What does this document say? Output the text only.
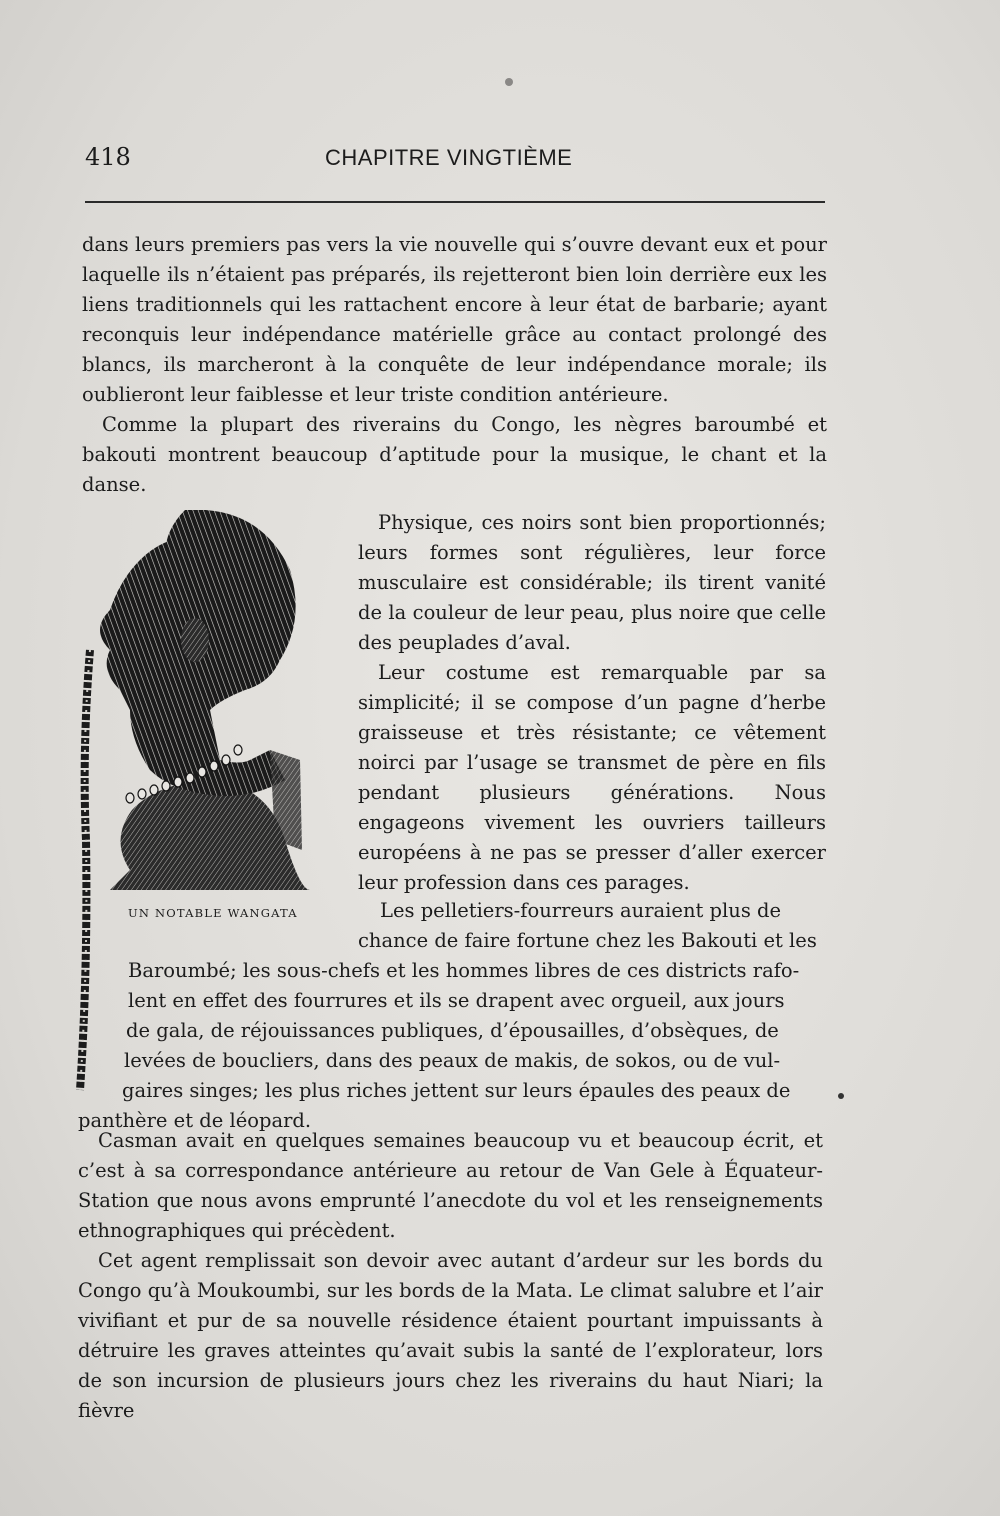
418	CHAPITRE VINGTIÈME

dans leurs premiers pas vers la vie nouvelle qui s’ouvre devant eux et pour laquelle ils n’étaient pas préparés, ils rejetteront bien loin derrière eux les liens traditionnels qui les rattachent encore à leur état de barbarie; ayant reconquis leur indépendance matérielle grâce au contact prolongé des blancs, ils marcheront à la conquête de leur indépendance morale; ils oublieront leur faiblesse et leur triste condition antérieure.

Comme la plupart des riverains du Congo, les nègres baroumbé et bakouti montrent beaucoup d’aptitude pour la musique, le chant et la danse.

UN NOTABLE WANGATA

Physique, ces noirs sont bien proportionnés; leurs formes sont régulières, leur force musculaire est considérable; ils tirent vanité de la couleur de leur peau, plus noire que celle des peuplades d’aval.

Leur costume est remarquable par sa simplicité; il se compose d’un pagne d’herbe graisseuse et très résistante; ce vêtement noirci par l’usage se transmet de père en fils pendant plusieurs générations. Nous engageons vivement les ouvriers tailleurs européens à ne pas se presser d’aller exercer leur profession dans ces parages.

Les pelletiers-fourreurs auraient plus de
chance de faire fortune chez les Bakouti et les
Baroumbé; les sous-chefs et les hommes libres de ces districts rafo-
lent en effet des fourrures et ils se drapent avec orgueil, aux jours
de gala, de réjouissances publiques, d’épousailles, d’obsèques, de
levées de boucliers, dans des peaux de makis, de sokos, ou de vul-
gaires singes; les plus riches jettent sur leurs épaules des peaux de
panthère et de léopard.

Casman avait en quelques semaines beaucoup vu et beaucoup écrit, et c’est à sa correspondance antérieure au retour de Van Gele à Équateur-Station que nous avons emprunté l’anecdote du vol et les renseignements ethnographiques qui précèdent.

Cet agent remplissait son devoir avec autant d’ardeur sur les bords du Congo qu’à Moukoumbi, sur les bords de la Mata. Le climat salubre et l’air vivifiant et pur de sa nouvelle résidence étaient pourtant impuissants à détruire les graves atteintes qu’avait subis la santé de l’explorateur, lors de son incursion de plusieurs jours chez les riverains du haut Niari; la fièvre
